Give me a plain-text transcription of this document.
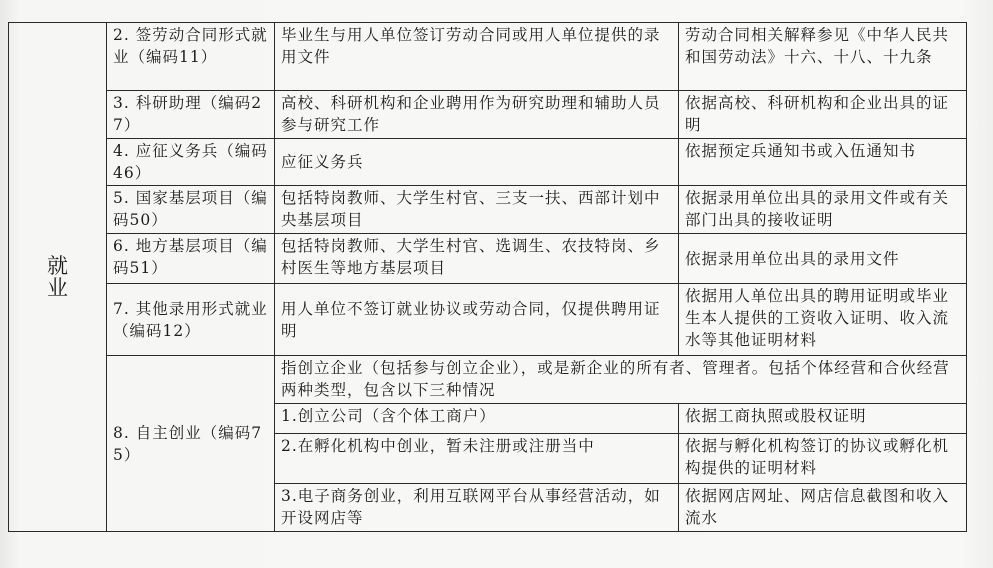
就 业	2. 签劳动合同形式就业（编码11）	毕业生与用人单位签订劳动合同或用人单位提供的录用文件	劳动合同相关解释参见《中华人民共和国劳动法》十六、十八、十九条
	3. 科研助理（编码27）	高校、科研机构和企业聘用作为研究助理和辅助人员参与研究工作	依据高校、科研机构和企业出具的证明
	4. 应征义务兵（编码46）	应征义务兵	依据预定兵通知书或入伍通知书
	5. 国家基层项目（编码50）	包括特岗教师、大学生村官、三支一扶、西部计划中央基层项目	依据录用单位出具的录用文件或有关部门出具的接收证明
	6. 地方基层项目（编码51）	包括特岗教师、大学生村官、选调生、农技特岗、乡村医生等地方基层项目	依据录用单位出具的录用文件
	7. 其他录用形式就业（编码12）	用人单位不签订就业协议或劳动合同，仅提供聘用证明	依据用人单位出具的聘用证明或毕业生本人提供的工资收入证明、收入流水等其他证明材料
	8. 自主创业（编码75）	指创立企业（包括参与创立企业），或是新企业的所有者、管理者。包括个体经营和合伙经营两种类型，包含以下三种情况	
		1.创立公司（含个体工商户）	依据工商执照或股权证明
		2.在孵化机构中创业，暂未注册或注册当中	依据与孵化机构签订的协议或孵化机构提供的证明材料
		3.电子商务创业，利用互联网平台从事经营活动，如开设网店等	依据网店网址、网店信息截图和收入流水
